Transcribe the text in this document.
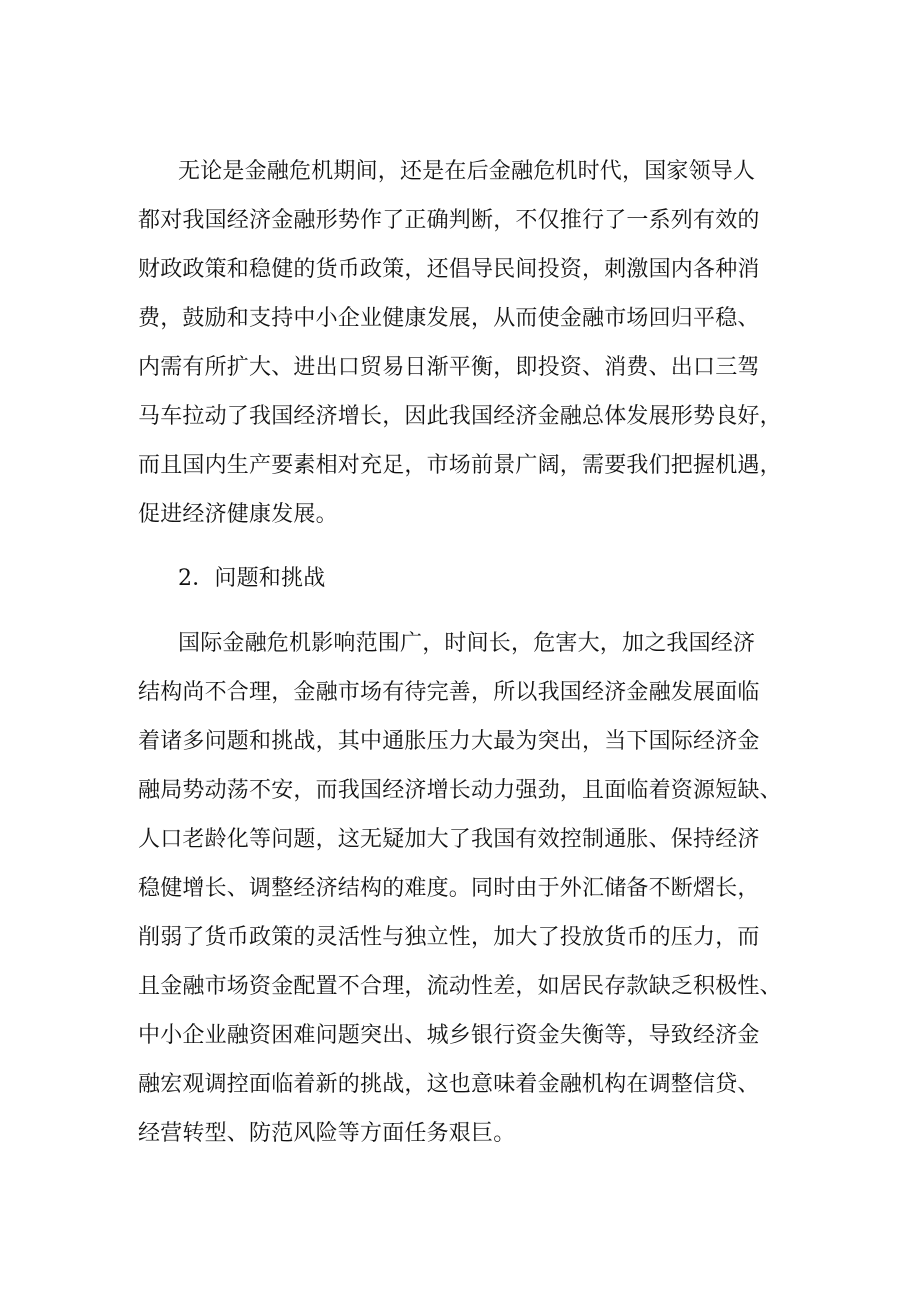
无论是金融危机期间，还是在后金融危机时代，国家领导人
都对我国经济金融形势作了正确判断，不仅推行了一系列有效的
财政政策和稳健的货币政策，还倡导民间投资，刺激国内各种消
费，鼓励和支持中小企业健康发展，从而使金融市场回归平稳、
内需有所扩大、进出口贸易日渐平衡，即投资、消费、出口三驾
马车拉动了我国经济增长，因此我国经济金融总体发展形势良好，
而且国内生产要素相对充足，市场前景广阔，需要我们把握机遇，
促进经济健康发展。
2．问题和挑战
国际金融危机影响范围广，时间长，危害大，加之我国经济
结构尚不合理，金融市场有待完善，所以我国经济金融发展面临
着诸多问题和挑战，其中通胀压力大最为突出，当下国际经济金
融局势动荡不安，而我国经济增长动力强劲，且面临着资源短缺、
人口老龄化等问题，这无疑加大了我国有效控制通胀、保持经济
稳健增长、调整经济结构的难度。同时由于外汇储备不断熠长，
削弱了货币政策的灵活性与独立性，加大了投放货币的压力，而
且金融市场资金配置不合理，流动性差，如居民存款缺乏积极性、
中小企业融资困难问题突出、城乡银行资金失衡等，导致经济金
融宏观调控面临着新的挑战，这也意味着金融机构在调整信贷、
经营转型、防范风险等方面任务艰巨。
